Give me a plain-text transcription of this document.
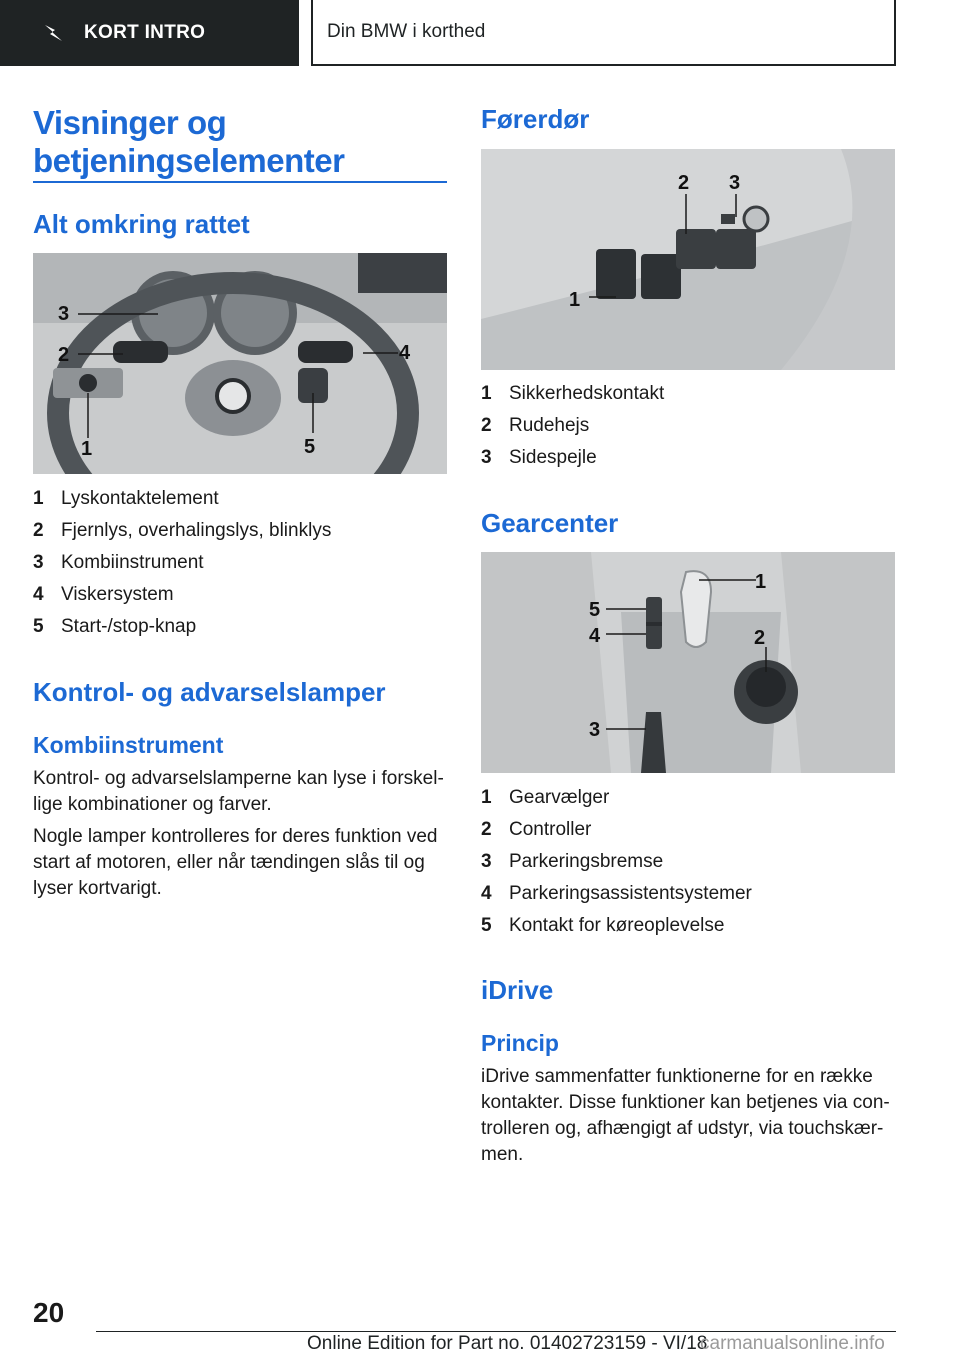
KORT INTRO	Din BMW i korthed
Visninger og
betjeningselementer
Alt omkring rattet
3
2	4
1	5
1 Lyskontaktelement
2 Fjernlys, overhalingslys, blinklys
3 Kombiinstrument
4 Viskersystem
5 Start-/stop-knap
Kontrol- og advarselslamper
Kombiinstrument

Kontrol- og advarselslamperne kan lyse i forskel-
lige kombinationer og farver.

Nogle lamper kontrolleres for deres funktion ved
start af motoren, eller når tændingen slås til og
lyser kortvarigt.

Førerdør
2 3
1
1 Sikkerhedskontakt
2 Rudehejs
3 Sidespejle
Gearcenter
1
5
4	2
3
1 Gearvælger
2 Controller
3 Parkeringsbremse
4 Parkeringsassistentsystemer
5 Kontakt for køreoplevelse
iDrive
Princip

iDrive sammenfatter funktionerne for en række
kontakter. Disse funktioner kan betjenes via con-
trolleren og, afhængigt af udstyr, via touchskær-
men.

20
Online Edition for Part no. 01402723159 - VI/18
carmanualsonline.info
